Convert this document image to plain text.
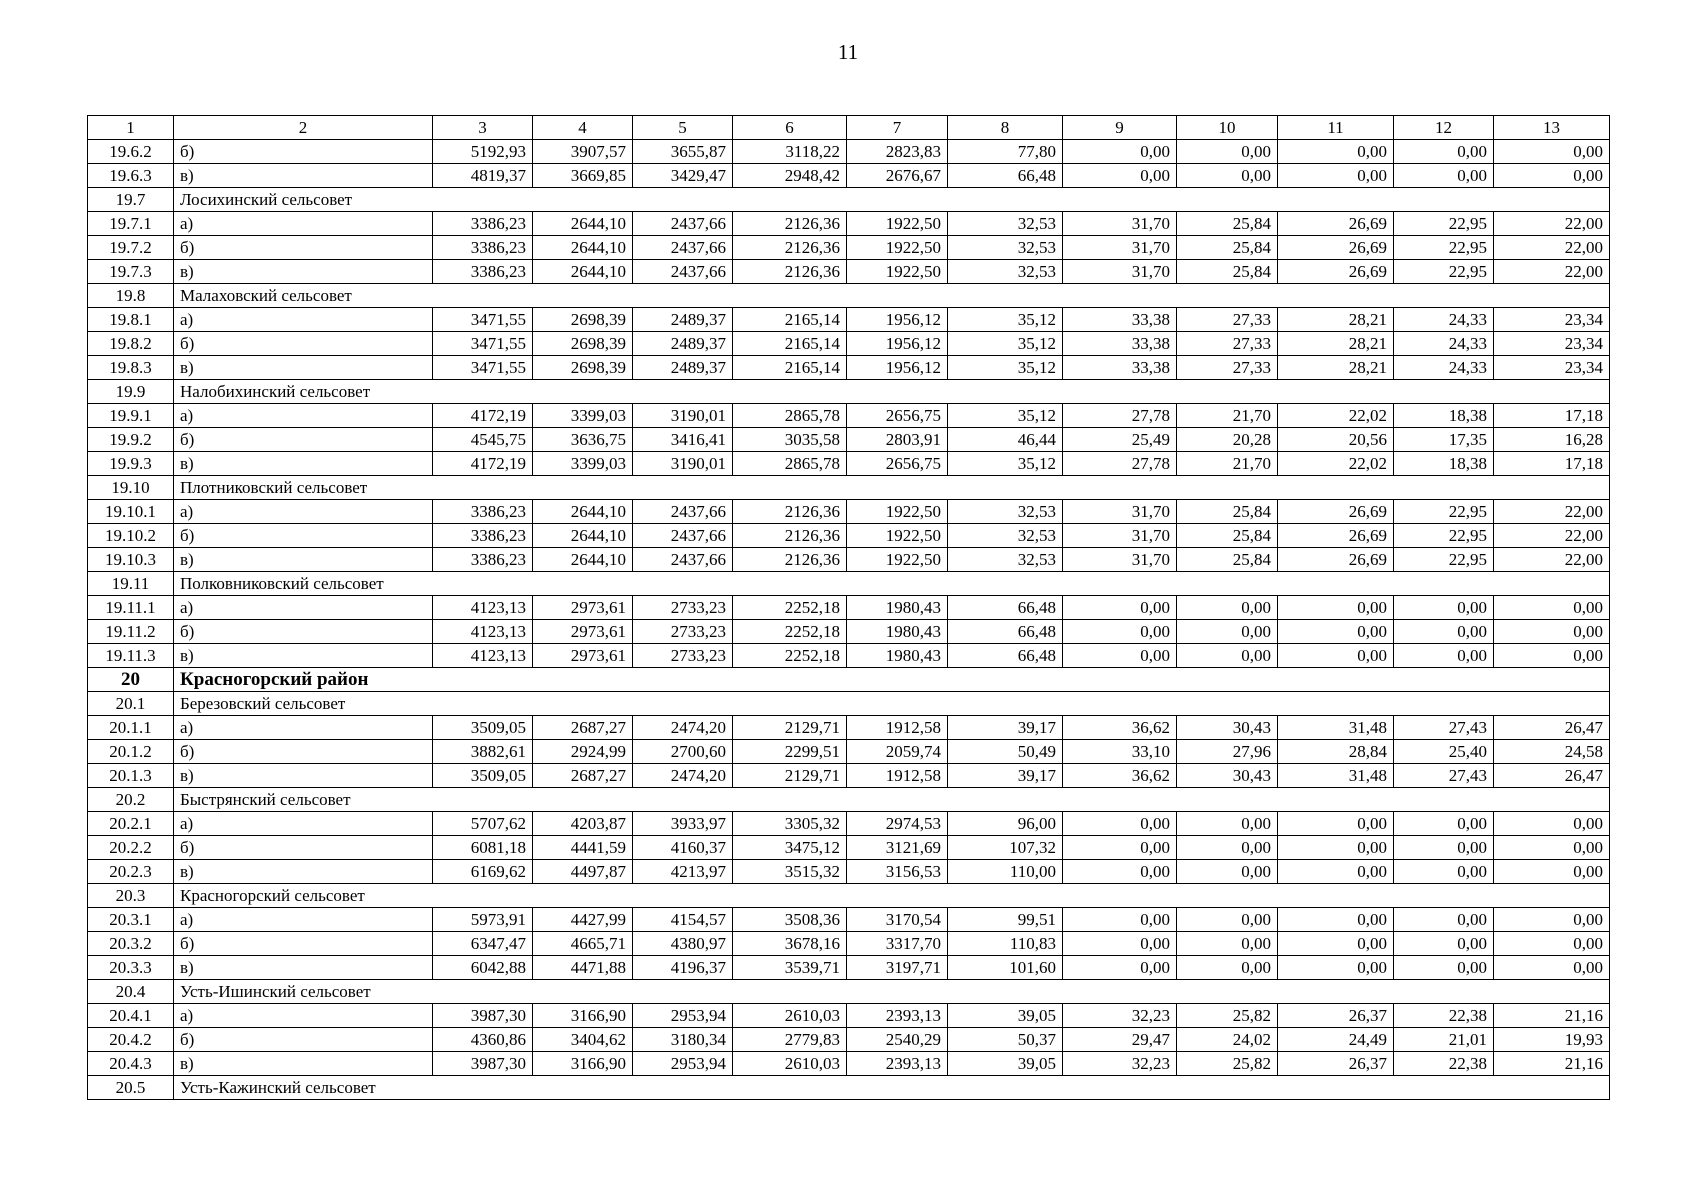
11
1	2	3	4	5	6	7	8	9	10	11	12	13
19.6.2	б)	5192,93	3907,57	3655,87	3118,22	2823,83	77,80	0,00	0,00	0,00	0,00	0,00
19.6.3	в)	4819,37	3669,85	3429,47	2948,42	2676,67	66,48	0,00	0,00	0,00	0,00	0,00
19.7	Лосихинский сельсовет											
19.7.1	а)	3386,23	2644,10	2437,66	2126,36	1922,50	32,53	31,70	25,84	26,69	22,95	22,00
19.7.2	б)	3386,23	2644,10	2437,66	2126,36	1922,50	32,53	31,70	25,84	26,69	22,95	22,00
19.7.3	в)	3386,23	2644,10	2437,66	2126,36	1922,50	32,53	31,70	25,84	26,69	22,95	22,00
19.8	Малаховский сельсовет											
19.8.1	а)	3471,55	2698,39	2489,37	2165,14	1956,12	35,12	33,38	27,33	28,21	24,33	23,34
19.8.2	б)	3471,55	2698,39	2489,37	2165,14	1956,12	35,12	33,38	27,33	28,21	24,33	23,34
19.8.3	в)	3471,55	2698,39	2489,37	2165,14	1956,12	35,12	33,38	27,33	28,21	24,33	23,34
19.9	Налобихинский сельсовет											
19.9.1	а)	4172,19	3399,03	3190,01	2865,78	2656,75	35,12	27,78	21,70	22,02	18,38	17,18
19.9.2	б)	4545,75	3636,75	3416,41	3035,58	2803,91	46,44	25,49	20,28	20,56	17,35	16,28
19.9.3	в)	4172,19	3399,03	3190,01	2865,78	2656,75	35,12	27,78	21,70	22,02	18,38	17,18
19.10	Плотниковский сельсовет											
19.10.1	а)	3386,23	2644,10	2437,66	2126,36	1922,50	32,53	31,70	25,84	26,69	22,95	22,00
19.10.2	б)	3386,23	2644,10	2437,66	2126,36	1922,50	32,53	31,70	25,84	26,69	22,95	22,00
19.10.3	в)	3386,23	2644,10	2437,66	2126,36	1922,50	32,53	31,70	25,84	26,69	22,95	22,00
19.11	Полковниковский сельсовет											
19.11.1	а)	4123,13	2973,61	2733,23	2252,18	1980,43	66,48	0,00	0,00	0,00	0,00	0,00
19.11.2	б)	4123,13	2973,61	2733,23	2252,18	1980,43	66,48	0,00	0,00	0,00	0,00	0,00
19.11.3	в)	4123,13	2973,61	2733,23	2252,18	1980,43	66,48	0,00	0,00	0,00	0,00	0,00
20	Красногорский район											
20.1	Березовский сельсовет											
20.1.1	а)	3509,05	2687,27	2474,20	2129,71	1912,58	39,17	36,62	30,43	31,48	27,43	26,47
20.1.2	б)	3882,61	2924,99	2700,60	2299,51	2059,74	50,49	33,10	27,96	28,84	25,40	24,58
20.1.3	в)	3509,05	2687,27	2474,20	2129,71	1912,58	39,17	36,62	30,43	31,48	27,43	26,47
20.2	Быстрянский сельсовет											
20.2.1	а)	5707,62	4203,87	3933,97	3305,32	2974,53	96,00	0,00	0,00	0,00	0,00	0,00
20.2.2	б)	6081,18	4441,59	4160,37	3475,12	3121,69	107,32	0,00	0,00	0,00	0,00	0,00
20.2.3	в)	6169,62	4497,87	4213,97	3515,32	3156,53	110,00	0,00	0,00	0,00	0,00	0,00
20.3	Красногорский сельсовет											
20.3.1	а)	5973,91	4427,99	4154,57	3508,36	3170,54	99,51	0,00	0,00	0,00	0,00	0,00
20.3.2	б)	6347,47	4665,71	4380,97	3678,16	3317,70	110,83	0,00	0,00	0,00	0,00	0,00
20.3.3	в)	6042,88	4471,88	4196,37	3539,71	3197,71	101,60	0,00	0,00	0,00	0,00	0,00
20.4	Усть-Ишинский сельсовет											
20.4.1	а)	3987,30	3166,90	2953,94	2610,03	2393,13	39,05	32,23	25,82	26,37	22,38	21,16
20.4.2	б)	4360,86	3404,62	3180,34	2779,83	2540,29	50,37	29,47	24,02	24,49	21,01	19,93
20.4.3	в)	3987,30	3166,90	2953,94	2610,03	2393,13	39,05	32,23	25,82	26,37	22,38	21,16
20.5	Усть-Кажинский сельсовет											
